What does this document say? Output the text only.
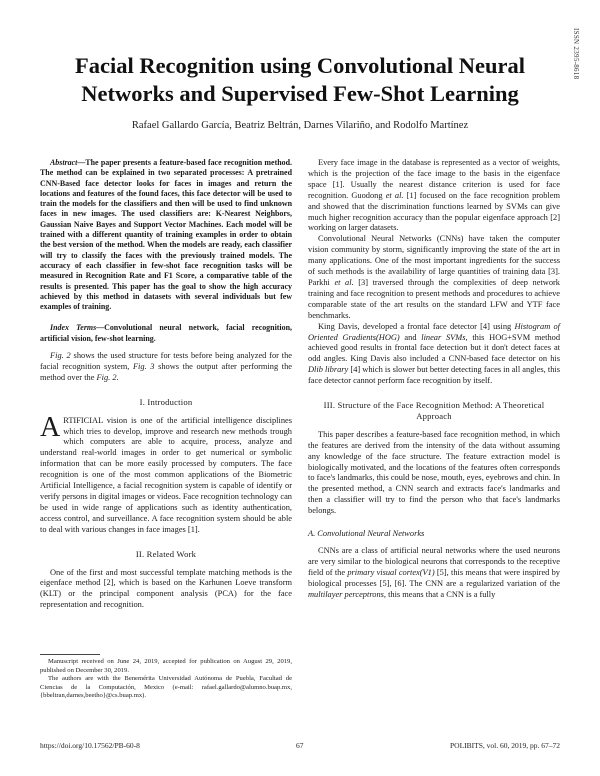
ISSN 2395-8618
Facial Recognition using Convolutional Neural Networks and Supervised Few-Shot Learning
Rafael Gallardo García, Beatriz Beltrán, Darnes Vilariño, and Rodolfo Martínez

Abstract—The paper presents a feature-based face recognition method. The method can be explained in two separated processes: A pretrained CNN-Based face detector looks for faces in images and return the locations and features of the found faces, this face detector will be used to train the models for the classifiers and then will be used to find unknown faces in new images. The used classifiers are: K-Nearest Neighbors, Gaussian Naive Bayes and Support Vector Machines. Each model will be trained with a different quantity of training examples in order to obtain the best version of the method. When the models are ready, each classifier will try to classify the faces with the previously trained models. The accuracy of each classifier in few-shot face recognition tasks will be measured in Recognition Rate and F1 Score, a comparative table of the results is presented. This paper has the goal to show the high accuracy achieved by this method in datasets with several individuals but few examples of training.

Index Terms—Convolutional neural network, facial recognition, artificial vision, few-shot learning.

Fig. 2 shows the used structure for tests before being analyzed for the facial recognition system, Fig. 3 shows the output after performing the method over the Fig. 2.

I. Introduction

ARTIFICIAL vision is one of the artificial intelligence disciplines which tries to develop, improve and research new methods trough which computers are able to acquire, process, analyze and understand real-world images in order to get numerical or symbolic information that can be more easily processed by computers. The face recognition is one of the most common applications of the Biometric Artificial Intelligence, a facial recognition system is capable of identify or verify persons in digital images or videos. Face recognition technology can be used in wide range of applications such as identity authentication, access control, and surveillance. A face recognition system should be able to deal with various changes in face images [1].

II. Related Work

One of the first and most successful template matching methods is the eigenface method [2], which is based on the Karhunen Loeve transform (KLT) or the principal component analysis (PCA) for the face representation and recognition.

Manuscript received on June 24, 2019, accepted for publication on August 29, 2019, published on December 30, 2019.

The authors are with the Benemérita Universidad Autónoma de Puebla, Facultad de Ciencias de la Computación, Mexico (e-mail: rafael.gallardo@alumno.buap.mx, {bbeltran,darnes,beetho}@cs.buap.mx).

Every face image in the database is represented as a vector of weights, which is the projection of the face image to the basis in the eigenface space [1]. Usually the nearest distance criterion is used for face recognition. Guodong et al. [1] focused on the face recognition problem and showed that the discrimination functions learned by SVMs can give much higher recognition accuracy than the popular eigenface approach [2] working on larger datasets.

Convolutional Neural Networks (CNNs) have taken the computer vision community by storm, significantly improving the state of the art in many applications. One of the most important ingredients for the success of such methods is the availability of large quantities of training data [3]. Parkhi et al. [3] traversed through the complexities of deep network training and face recognition to present methods and procedures to achieve comparable state of the art results on the standard LFW and YTF face benchmarks.

King Davis, developed a frontal face detector [4] using Histogram of Oriented Gradients(HOG) and linear SVMs, this HOG+SVM method achieved good results in frontal face detection but it don't detect faces at odd angles. King Davis also included a CNN-based face detector on his Dlib library [4] which is slower but better detecting faces in all angles, this face detector cannot perform face recognition by itself.

III. Structure of the Face Recognition Method: A Theoretical Approach

This paper describes a feature-based face recognition method, in which the features are derived from the intensity of the data without assuming any knowledge of the face structure. The feature extraction model is biologically motivated, and the locations of the features often corresponds to face's landmarks, this could be nose, mouth, eyes, eyebrows and chin. In the presented method, a CNN search and extracts face's landmarks and then a classifier will try to find the person who that face's landmarks belongs.

A. Convolutional Neural Networks

CNNs are a class of artificial neural networks where the used neurons are very similar to the biological neurons that corresponds to the receptive field of the primary visual cortex(V1) [5], this means that were inspired by biological processes [5], [6]. The CNN are a regularized variation of the multilayer perceptrons, this means that a CNN is a fully

https://doi.org/10.17562/PB-60-8	67	POLIBITS, vol. 60, 2019, pp. 67–72
